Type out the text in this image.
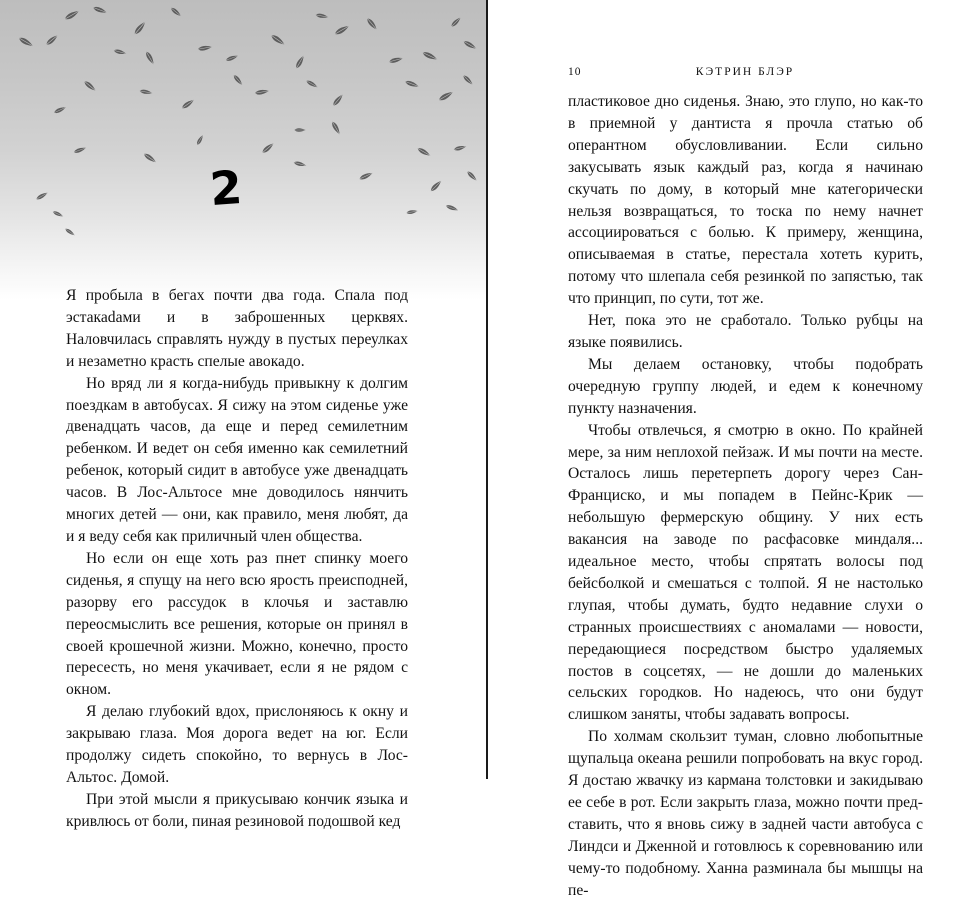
2

Я пробыла в бегах почти два года. Спала под эстакаdами и в заброшенных церквях. Наловчилась справлять нужду в пустых переулках и незаметно красть спелые авокадо.

Но вряд ли я когда-нибудь привыкну к долгим поездкам в автобусах. Я сижу на этом сиденье уже двенадцать часов, да еще и перед семилетним ребенком. И ведет он себя именно как семилетний ребенок, который сидит в автобусе уже двенадцать часов. В Лос-Альтосе мне доводилось нянчить многих детей — они, как правило, меня любят, да и я веду себя как приличный член общества.

Но если он еще хоть раз пнет спинку моего сиденья, я спущу на него всю ярость преисподней, разорву его рассудок в клочья и заставлю переосмыслить все решения, которые он принял в своей крошечной жизни. Можно, конечно, просто пересесть, но меня укачивает, если я не рядом с окном.

Я делаю глубокий вдох, прислоняюсь к окну и закрываю глаза. Моя дорога ведет на юг. Если продолжу сидеть спокойно, то вернусь в Лос-Альтос. Домой.

При этой мысли я прикусываю кончик языка и кривлюсь от боли, пиная резиновой подошвой кед

10	КЭТРИН БЛЭР

пластиковое дно сиденья. Знаю, это глупо, но как-то в приемной у дантиста я прочла статью об оперантном обусловливании. Если сильно закусывать язык каждый раз, когда я начинаю скучать по дому, в который мне категорически нельзя возвращаться, то тоска по нему начнет ассоциироваться с болью. К примеру, женщина, описываемая в статье, перестала хотеть курить, потому что шлепала себя резинкой по запястью, так что принцип, по сути, тот же.

Нет, пока это не сработало. Только рубцы на языке появились.

Мы делаем остановку, чтобы подобрать очередную группу людей, и едем к конечному пункту назначения.

Чтобы отвлечься, я смотрю в окно. По крайней мере, за ним неплохой пейзаж. И мы почти на месте. Осталось лишь перетерпеть дорогу через Сан-Франциско, и мы попадем в Пейнс-Крик — небольшую фермерскую общину. У них есть вакансия на заводе по расфасовке миндаля... идеальное место, чтобы спрятать волосы под бейсболкой и смешаться с толпой. Я не настолько глупая, чтобы думать, будто недавние слухи о странных происшествиях с аномалами — новости, передающиеся посредством быстро удаляемых постов в соцсетях, — не дошли до маленьких сельских городков. Но надеюсь, что они будут слишком заняты, чтобы задавать вопросы.

По холмам скользит туман, словно любопытные щупальца океана решили попробовать на вкус город. Я достаю жвачку из кармана толстовки и закидываю ее себе в рот. Если закрыть глаза, можно почти представить, что я вновь сижу в задней части автобуса с Линдси и Дженной и готовлюсь к соревнованию или чему-то подобному. Ханна разминала бы мышцы на пе-
